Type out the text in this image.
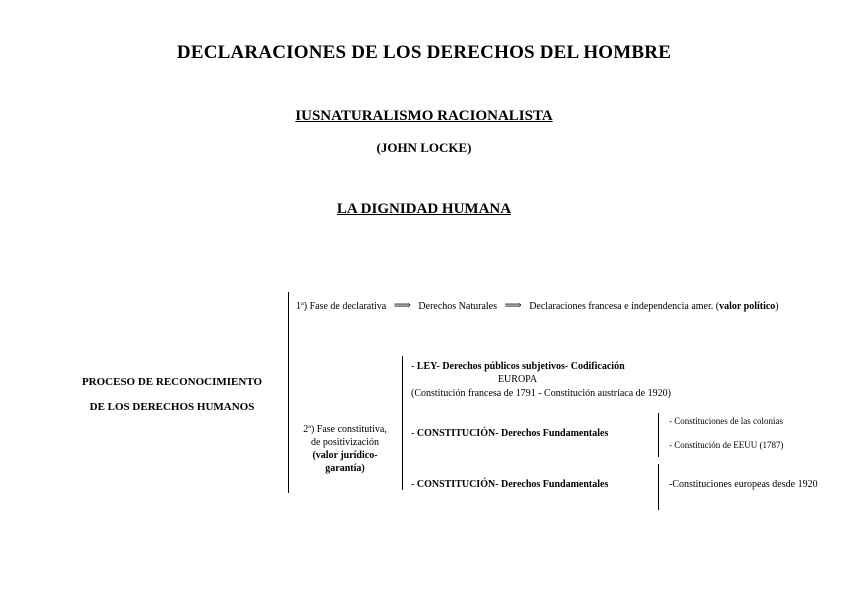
DECLARACIONES DE LOS DERECHOS DEL HOMBRE
IUSNATURALISMO RACIONALISTA
(JOHN LOCKE)
LA DIGNIDAD HUMANA
PROCESO DE RECONOCIMIENTO
DE LOS DERECHOS HUMANOS
1ª) Fase de declarativa ⟹ Derechos Naturales ⟹ Declaraciones francesa e independencia amer. (valor político)
2ª) Fase constitutiva,
de positivización
(valor jurídico-
garantía)
- LEY- Derechos públicos subjetivos- Codificación
EUROPA
(Constitución francesa de 1791 - Constitución austríaca de 1920)
- CONSTITUCIÓN- Derechos Fundamentales
- Constituciones de las colonias
- Constitución de EEUU (1787)
- CONSTITUCIÓN- Derechos Fundamentales	-Constituciones europeas desde 1920
